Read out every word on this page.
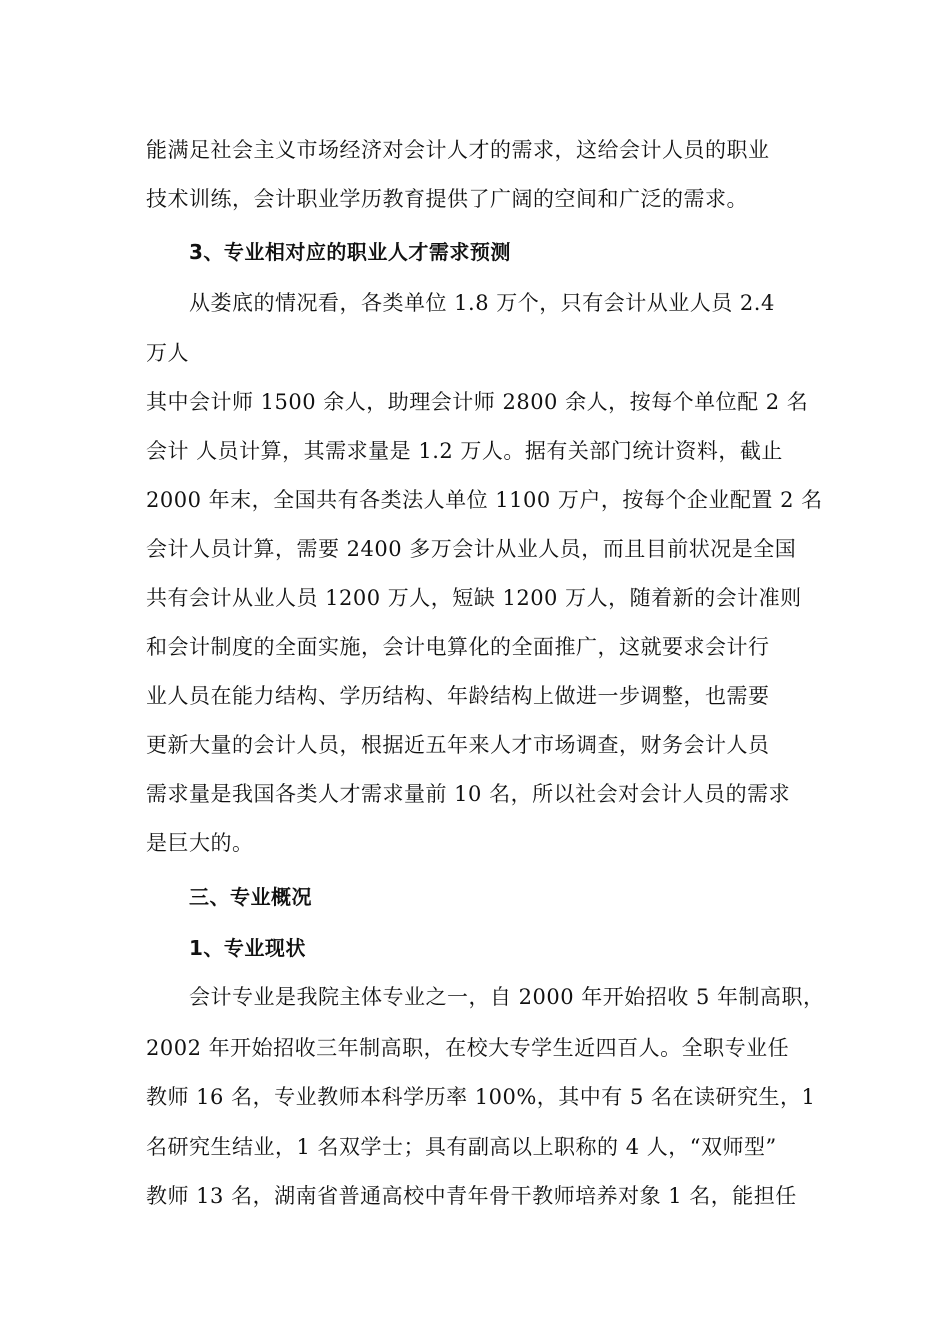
能满足社会主义市场经济对会计人才的需求，这给会计人员的职业
技术训练，会计职业学历教育提供了广阔的空间和广泛的需求。
3、专业相对应的职业人才需求预测
从娄底的情况看，各类单位 1.8 万个，只有会计从业人员 2.4
万人
其中会计师 1500 余人，助理会计师 2800 余人，按每个单位配 2 名
会计 人员计算，其需求量是 1.2 万人。据有关部门统计资料，截止
2000 年末，全国共有各类法人单位 1100 万户，按每个企业配置 2 名
会计人员计算，需要 2400 多万会计从业人员，而且目前状况是全国
共有会计从业人员 1200 万人，短缺 1200 万人，随着新的会计准则
和会计制度的全面实施，会计电算化的全面推广，这就要求会计行
业人员在能力结构、学历结构、年龄结构上做进一步调整，也需要
更新大量的会计人员，根据近五年来人才市场调查，财务会计人员
需求量是我国各类人才需求量前 10 名，所以社会对会计人员的需求
是巨大的。
三、专业概况
1、专业现状
会计专业是我院主体专业之一，自 2000 年开始招收 5 年制高职，
2002 年开始招收三年制高职，在校大专学生近四百人。全职专业任
教师 16 名，专业教师本科学历率 100%，其中有 5 名在读研究生，1
名研究生结业，1 名双学士；具有副高以上职称的 4 人，“双师型”
教师 13 名，湖南省普通高校中青年骨干教师培养对象 1 名，能担任
